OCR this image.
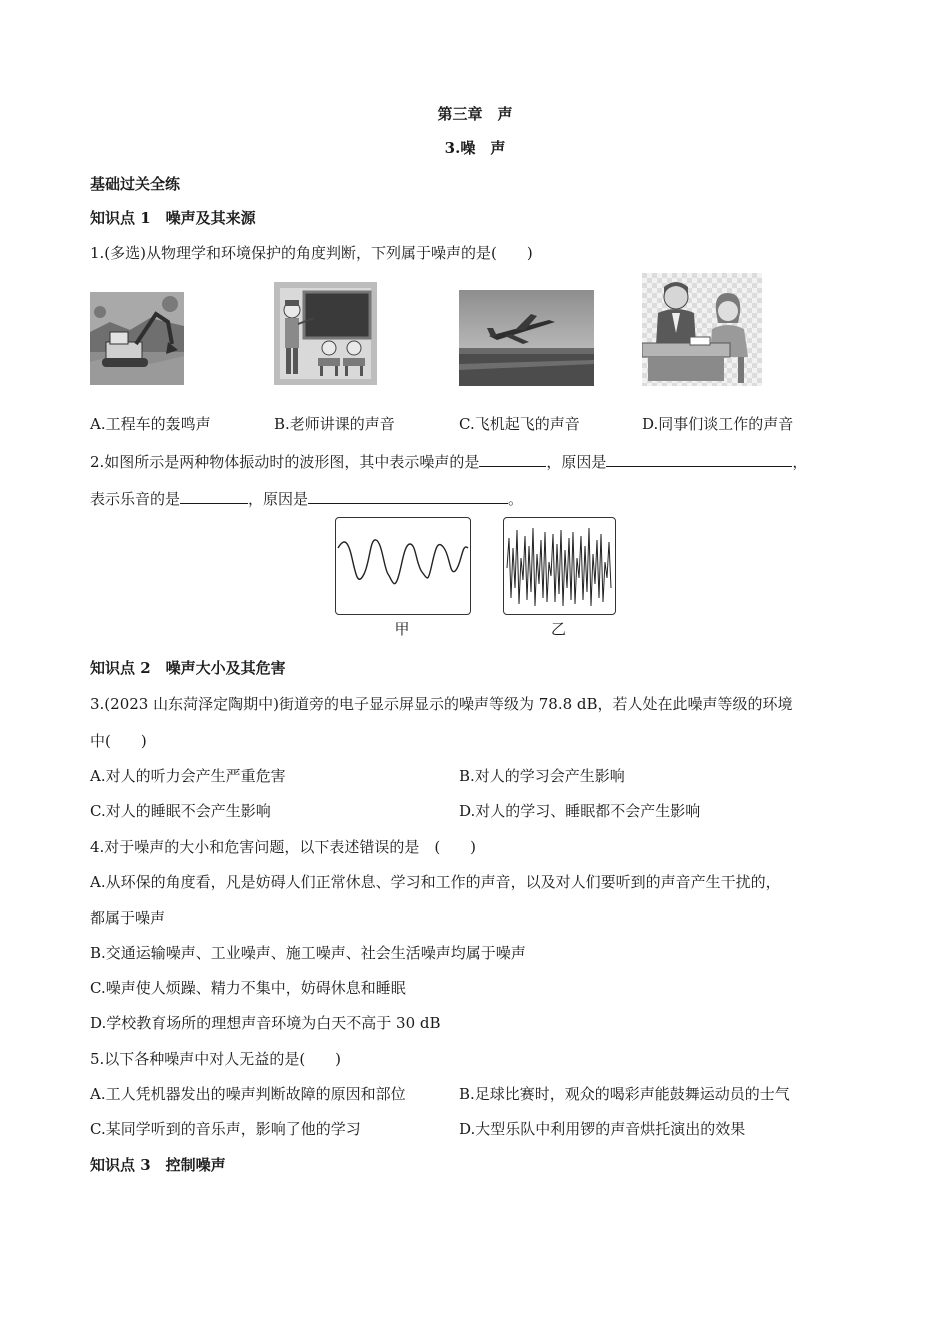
第三章　声
3.噪　声
基础过关全练
知识点 1　噪声及其来源
1.(多选)从物理学和环境保护的角度判断，下列属于噪声的是(　　)
A.工程车的轰鸣声	B.老师讲课的声音	C.飞机起飞的声音	D.同事们谈工作的声音
2.如图所示是两种物体振动时的波形图，其中表示噪声的是	，原因是	，
表示乐音的是	，原因是	。
甲	乙
知识点 2　噪声大小及其危害
3.(2023 山东菏泽定陶期中)街道旁的电子显示屏显示的噪声等级为 78.8 dB，若人处在此噪声等级的环境
中(　　)
A.对人的听力会产生严重危害	B.对人的学习会产生影响
C.对人的睡眠不会产生影响	D.对人的学习、睡眠都不会产生影响
4.对于噪声的大小和危害问题，以下表述错误的是　(　　)
A.从环保的角度看，凡是妨碍人们正常休息、学习和工作的声音，以及对人们要听到的声音产生干扰的，
都属于噪声
B.交通运输噪声、工业噪声、施工噪声、社会生活噪声均属于噪声
C.噪声使人烦躁、精力不集中，妨碍休息和睡眠
D.学校教育场所的理想声音环境为白天不高于 30 dB
5.以下各种噪声中对人无益的是(　　)
A.工人凭机器发出的噪声判断故障的原因和部位	B.足球比赛时，观众的喝彩声能鼓舞运动员的士气
C.某同学听到的音乐声，影响了他的学习	D.大型乐队中利用锣的声音烘托演出的效果
知识点 3　控制噪声
